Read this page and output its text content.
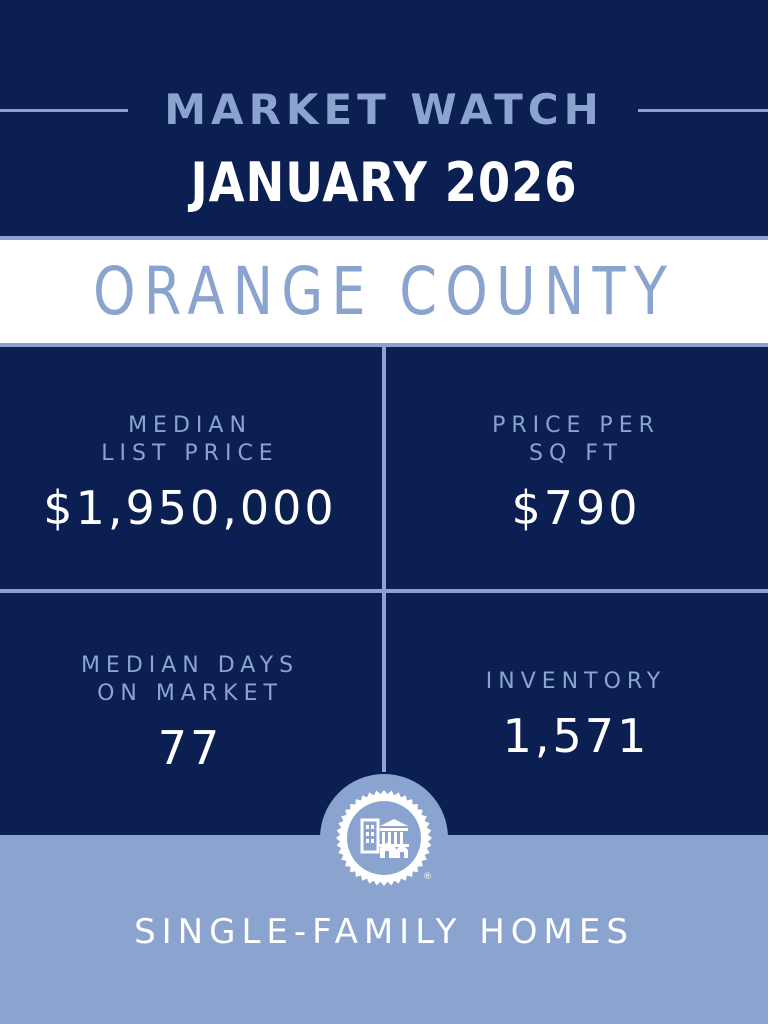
MARKET WATCH
JANUARY 2026
ORANGE COUNTY
MEDIAN
LIST PRICE
$1,950,000
PRICE PER
SQ FT
$790
MEDIAN DAYS
ON MARKET
77
INVENTORY
1,571
SINGLE-FAMILY HOMES
®
